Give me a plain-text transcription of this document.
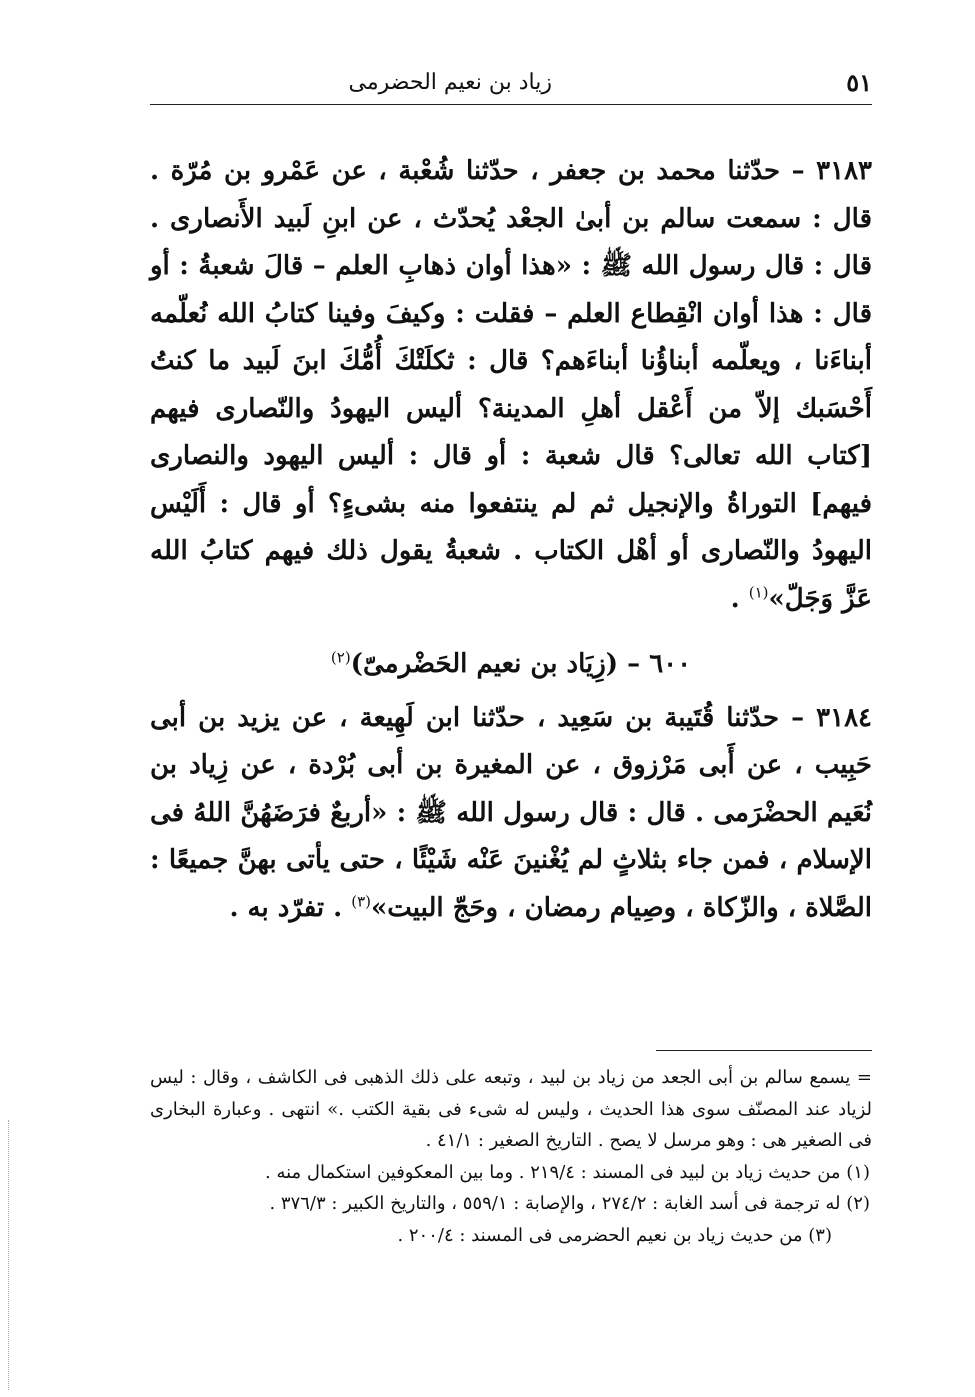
٥١
زياد بن نعيم الحضرمى

٣١٨٣ – حدّثنا محمد بن جعفر ، حدّثنا شُعْبة ، عن عَمْرو بن مُرّة . قال : سمعت سالم بن أبىٰ الجعْد يُحدّث ، عن ابنِ لَبيد الأَنصارى . قال : قال رسول الله ﷺ : «هذا أوان ذهابِ العلم – قالَ شعبةُ : أو قال : هذا أوان انْقِطاع العلم – فقلت : وكيفَ وفينا كتابُ الله نُعلّمه أبناءَنا ، ويعلّمه أبناؤُنا أبناءَهم؟ قال : ثكلَتْكَ أُمُّكَ ابنَ لَبيد ما كنتُ أَحْسَبك إلاّ من أَعْقل أهلِ المدينة؟ أليس اليهودُ والنّصارى فيهم [كتاب الله تعالى؟ قال شعبة : أو قال : أليس اليهود والنصارى فيهم] التوراةُ والإنجيل ثم لم ينتفعوا منه بشىءٍ؟ أو قال : أَلَيْس اليهودُ والنّصارى أو أهْل الكتاب . شعبةُ يقول ذلك فيهم كتابُ الله عَزَّ وَجَلّ»$^{(١)}$ .

٦٠٠ – (زِيَاد بن نعيم الحَضْرمىّ)$^{(٢)}$

٣١٨٤ – حدّثنا قُتَيبة بن سَعِيد ، حدّثنا ابن لَهِيعة ، عن يزيد بن أبى حَبِيب ، عن أَبى مَرْزوق ، عن المغيرة بن أبى بُرْدة ، عن زِياد بن نُعَيم الحضْرَمى . قال : قال رسول الله ﷺ : «أربعٌ فرَضَهُنَّ اللهُ فى الإسلام ، فمن جاء بثلاثٍ لم يُغْنينَ عَنْه شَيْئًا ، حتى يأتى بهنَّ جميعًا : الصَّلاة ، والزّكاة ، وصِيام رمضان ، وحَجّ البيت»$^{(٣)}$ . تفرّد به .

= يسمع سالم بن أبى الجعد من زياد بن لبيد ، وتبعه على ذلك الذهبى فى الكاشف ، وقال : ليس لزياد عند المصنّف سوى هذا الحديث ، وليس له شىء فى بقية الكتب .» انتهى . وعبارة البخارى فى الصغير هى : وهو مرسل لا يصح . التاريخ الصغير : ٤١/١ .

(١) من حديث زياد بن لبيد فى المسند : ٢١٩/٤ . وما بين المعكوفين استكمال منه .

(٢) له ترجمة فى أسد الغابة : ٢٧٤/٢ ، والإصابة : ٥٥٩/١ ، والتاريخ الكبير : ٣٧٦/٣ .

(٣) من حديث زياد بن نعيم الحضرمى فى المسند : ٢٠٠/٤ .
